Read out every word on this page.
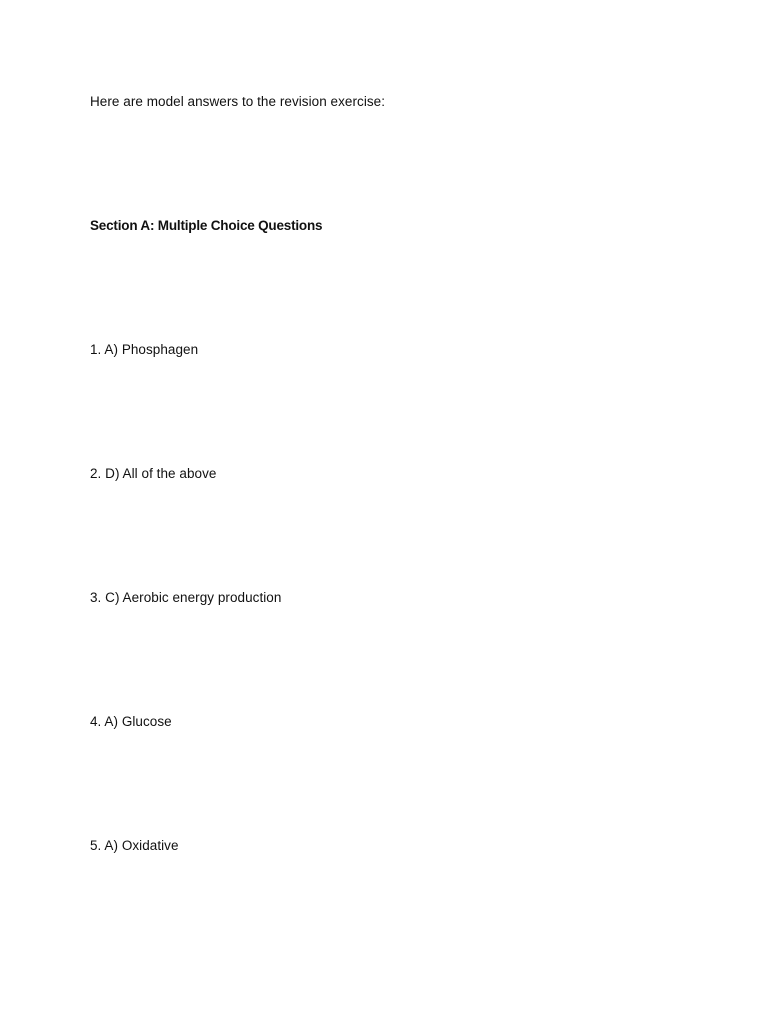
Here are model answers to the revision exercise:
Section A: Multiple Choice Questions
1. A) Phosphagen
2. D) All of the above
3. C) Aerobic energy production
4. A) Glucose
5. A) Oxidative
